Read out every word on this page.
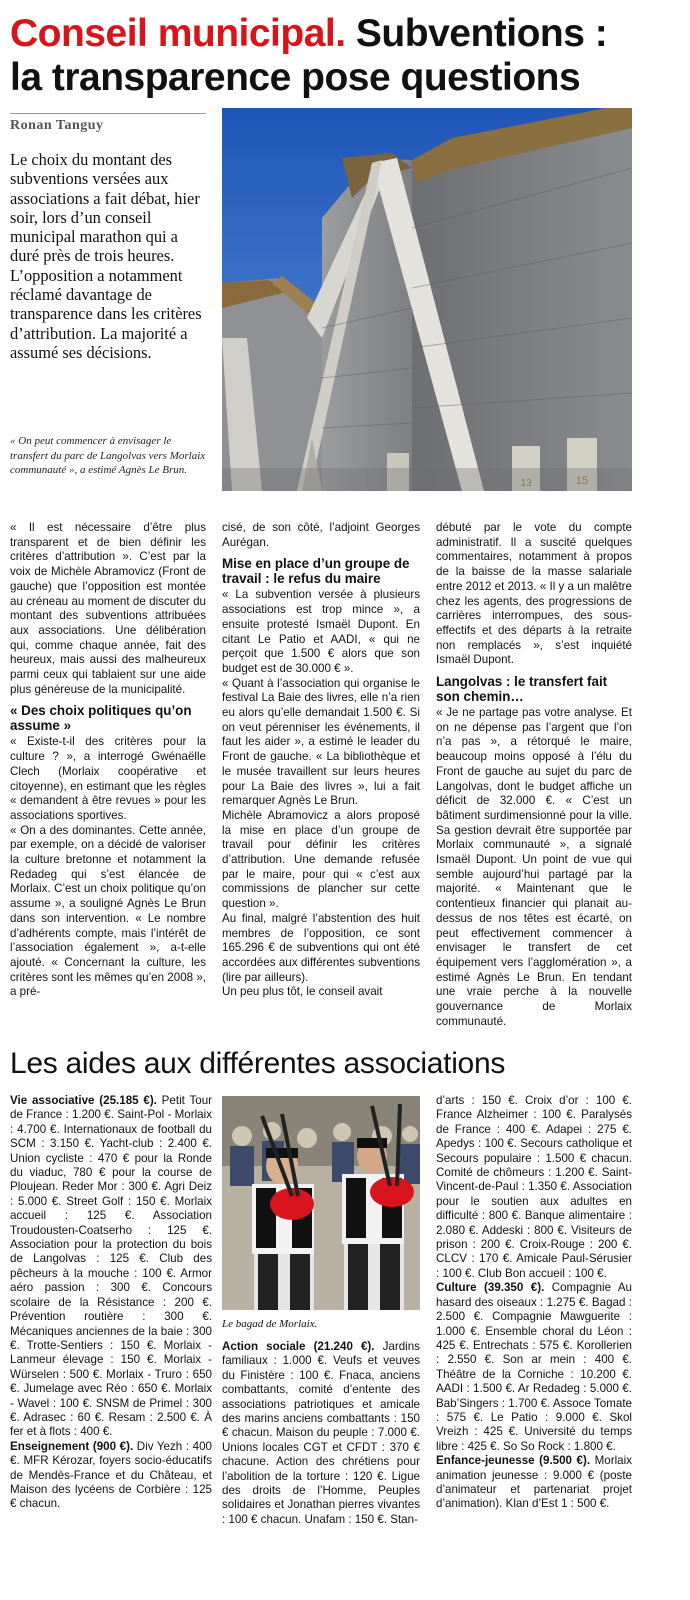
Conseil municipal. Subventions :
la transparence pose questions
Ronan Tanguy

Le choix du montant des subventions versées aux associations a fait débat, hier soir, lors d’un conseil municipal marathon qui a duré près de trois heures. L’opposition a notamment réclamé davantage de transparence dans les critères d’attribution. La majorité a assumé ses décisions.

« On peut commencer à envisager le transfert du parc de Langolvas vers Morlaix communauté », a estimé Agnès Le Brun.

13	15

« Il est nécessaire d’être plus transparent et de bien définir les critères d’attribution ». C’est par la voix de Michèle Abramovicz (Front de gauche) que l’opposition est montée au créneau au moment de discuter du montant des subventions attribuées aux associations. Une délibération qui, comme chaque année, fait des heureux, mais aussi des malheureux parmi ceux qui tablaient sur une aide plus généreuse de la municipalité.

« Des choix politiques qu’on assume »

« Existe-t-il des critères pour la culture ? », a interrogé Gwénaëlle Clech (Morlaix coopérative et citoyenne), en estimant que les règles « demandent à être revues » pour les associations sportives.

« On a des dominantes. Cette année, par exemple, on a décidé de valoriser la culture bretonne et notamment la Redadeg qui s’est élancée de Morlaix. C’est un choix politique qu’on assume », a souligné Agnès Le Brun dans son intervention. « Le nombre d’adhérents compte, mais l’intérêt de l’association également », a-t-elle ajouté. « Concernant la culture, les critères sont les mêmes qu’en 2008 », a pré-

cisé, de son côté, l’adjoint Georges Aurégan.

Mise en place d’un groupe de travail : le refus du maire

« La subvention versée à plusieurs associations est trop mince », a ensuite protesté Ismaël Dupont. En citant Le Patio et AADI, « qui ne perçoit que 1.500 € alors que son budget est de 30.000 € ».

« Quant à l’association qui organise le festival La Baie des livres, elle n’a rien eu alors qu’elle demandait 1.500 €. Si on veut pérenniser les événements, il faut les aider », a estimé le leader du Front de gauche. « La bibliothèque et le musée travaillent sur leurs heures pour La Baie des livres », lui a fait remarquer Agnès Le Brun.

Michèle Abramovicz a alors proposé la mise en place d’un groupe de travail pour définir les critères d’attribution. Une demande refusée par le maire, pour qui « c’est aux commissions de plancher sur cette question ».

Au final, malgré l’abstention des huit membres de l’opposition, ce sont 165.296 € de subventions qui ont été accordées aux différentes subventions (lire par ailleurs).

Un peu plus tôt, le conseil avait

débuté par le vote du compte administratif. Il a suscité quelques commentaires, notamment à propos de la baisse de la masse salariale entre 2012 et 2013. « Il y a un malêtre chez les agents, des progressions de carrières interrompues, des sous-effectifs et des départs à la retraite non remplacés », s’est inquiété Ismaël Dupont.

Langolvas : le transfert fait son chemin…

« Je ne partage pas votre analyse. Et on ne dépense pas l’argent que l’on n’a pas », a rétorqué le maire, beaucoup moins opposé à l’élu du Front de gauche au sujet du parc de Langolvas, dont le budget affiche un déficit de 32.000 €. « C’est un bâtiment surdimensionné pour la ville. Sa gestion devrait être supportée par Morlaix communauté », a signalé Ismaël Dupont. Un point de vue qui semble aujourd’hui partagé par la majorité. « Maintenant que le contentieux financier qui planait au-dessus de nos têtes est écarté, on peut effectivement commencer à envisager le transfert de cet équipement vers l’agglomération », a estimé Agnès Le Brun. En tendant une vraie perche à la nouvelle gouvernance de Morlaix communauté.

Les aides aux différentes associations

Vie associative (25.185 €). Petit Tour de France : 1.200 €. Saint-Pol - Morlaix : 4.700 €. Internationaux de football du SCM : 3.150 €. Yacht-club : 2.400 €. Union cycliste : 470 € pour la Ronde du viaduc, 780 € pour la course de Ploujean. Reder Mor : 300 €. Agri Deiz : 5.000 €. Street Golf : 150 €. Morlaix accueil : 125 €. Association Troudousten-Coatserho : 125 €. Association pour la protection du bois de Langolvas : 125 €. Club des pêcheurs à la mouche : 100 €. Armor aéro passion : 300 €. Concours scolaire de la Résistance : 200 €. Prévention routière : 300 €. Mécaniques anciennes de la baie : 300 €. Trotte-Sentiers : 150 €. Morlaix - Lanmeur élevage : 150 €. Morlaix - Würselen : 500 €. Morlaix - Truro : 650 €. Jumelage avec Réo : 650 €. Morlaix - Wavel : 100 €. SNSM de Primel : 300 €. Adrasec : 60 €. Resam : 2.500 €. À fer et à flots : 400 €.
Enseignement (900 €). Div Yezh : 400 €. MFR Kérozar, foyers socio-éducatifs de Mendès-France et du Château, et Maison des lycéens de Corbière : 125 € chacun.

Le bagad de Morlaix.

Action sociale (21.240 €). Jardins familiaux : 1.000 €. Veufs et veuves du Finistère : 100 €. Fnaca, anciens combattants, comité d’entente des associations patriotiques et amicale des marins anciens combattants : 150 € chacun. Maison du peuple : 7.000 €. Unions locales CGT et CFDT : 370 € chacune. Action des chrétiens pour l’abolition de la torture : 120 €. Ligue des droits de l’Homme, Peuples solidaires et Jonathan pierres vivantes : 100 € chacun. Unafam : 150 €. Stan-

d’arts : 150 €. Croix d’or : 100 €. France Alzheimer : 100 €. Paralysés de France : 400 €. Adapei : 275 €. Apedys : 100 €. Secours catholique et Secours populaire : 1.500 € chacun. Comité de chômeurs : 1.200 €. Saint-Vincent-de-Paul : 1.350 €. Association pour le soutien aux adultes en difficulté : 800 €. Banque alimentaire : 2.080 €. Addeski : 800 €. Visiteurs de prison : 200 €. Croix-Rouge : 200 €. CLCV : 170 €. Amicale Paul-Sérusier : 100 €. Club Bon accueil : 100 €.
Culture (39.350 €). Compagnie Au hasard des oiseaux : 1.275 €. Bagad : 2.500 €. Compagnie Mawguerite : 1.000 €. Ensemble choral du Léon : 425 €. Entrechats : 575 €. Korollerien : 2.550 €. Son ar mein : 400 €. Théâtre de la Corniche : 10.200 €. AADI : 1.500 €. Ar Redadeg : 5.000 €. Bab’Singers : 1.700 €. Assoce Tomate : 575 €. Le Patio : 9.000 €. Skol Vreizh : 425 €. Université du temps libre : 425 €. So So Rock : 1.800 €.
Enfance-jeunesse (9.500 €). Morlaix animation jeunesse : 9.000 € (poste d’animateur et partenariat projet d’animation). Klan d’Est 1 : 500 €.
